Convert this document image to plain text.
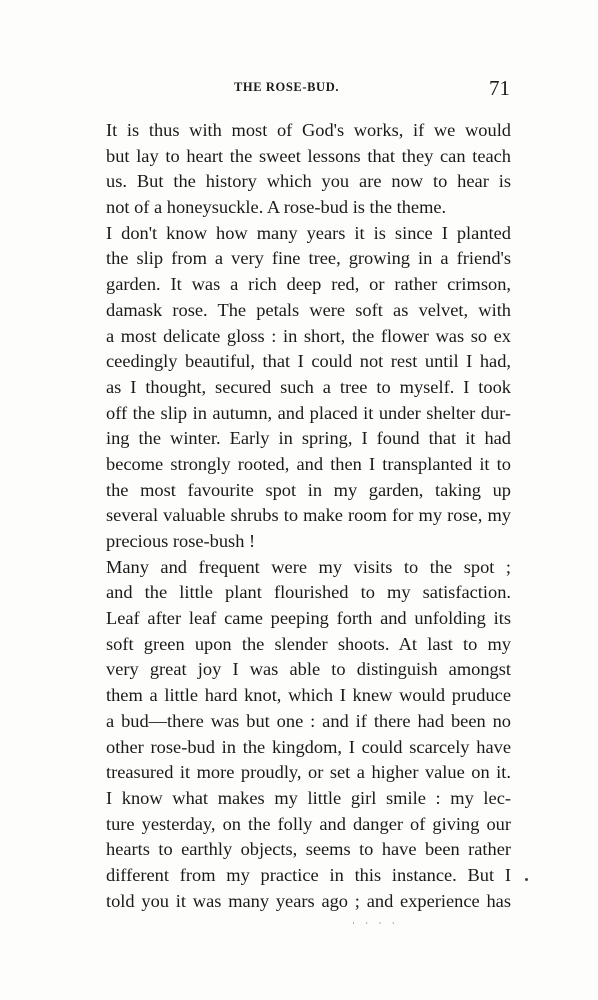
THE ROSE-BUD.	71
It is thus with most of God's works, if we would
but lay to heart the sweet lessons that they can teach
us. But the history which you are now to hear is
not of a honeysuckle. A rose-bud is the theme.
I don't know how many years it is since I planted
the slip from a very fine tree, growing in a friend's
garden. It was a rich deep red, or rather crimson,
damask rose. The petals were soft as velvet, with
a most delicate gloss : in short, the flower was so ex
ceedingly beautiful, that I could not rest until I had,
as I thought, secured such a tree to myself. I took
off the slip in autumn, and placed it under shelter dur-
ing the winter. Early in spring, I found that it had
become strongly rooted, and then I transplanted it to
the most favourite spot in my garden, taking up
several valuable shrubs to make room for my rose, my
precious rose-bush !
Many and frequent were my visits to the spot ;
and the little plant flourished to my satisfaction.
Leaf after leaf came peeping forth and unfolding its
soft green upon the slender shoots. At last to my
very great joy I was able to distinguish amongst
them a little hard knot, which I knew would pruduce
a bud—there was but one : and if there had been no
other rose-bud in the kingdom, I could scarcely have
treasured it more proudly, or set a higher value on it.
I know what makes my little girl smile : my lec-
ture yesterday, on the folly and danger of giving our
hearts to earthly objects, seems to have been rather
different from my practice in this instance. But I
told you it was many years ago ; and experience has
· · · ·
